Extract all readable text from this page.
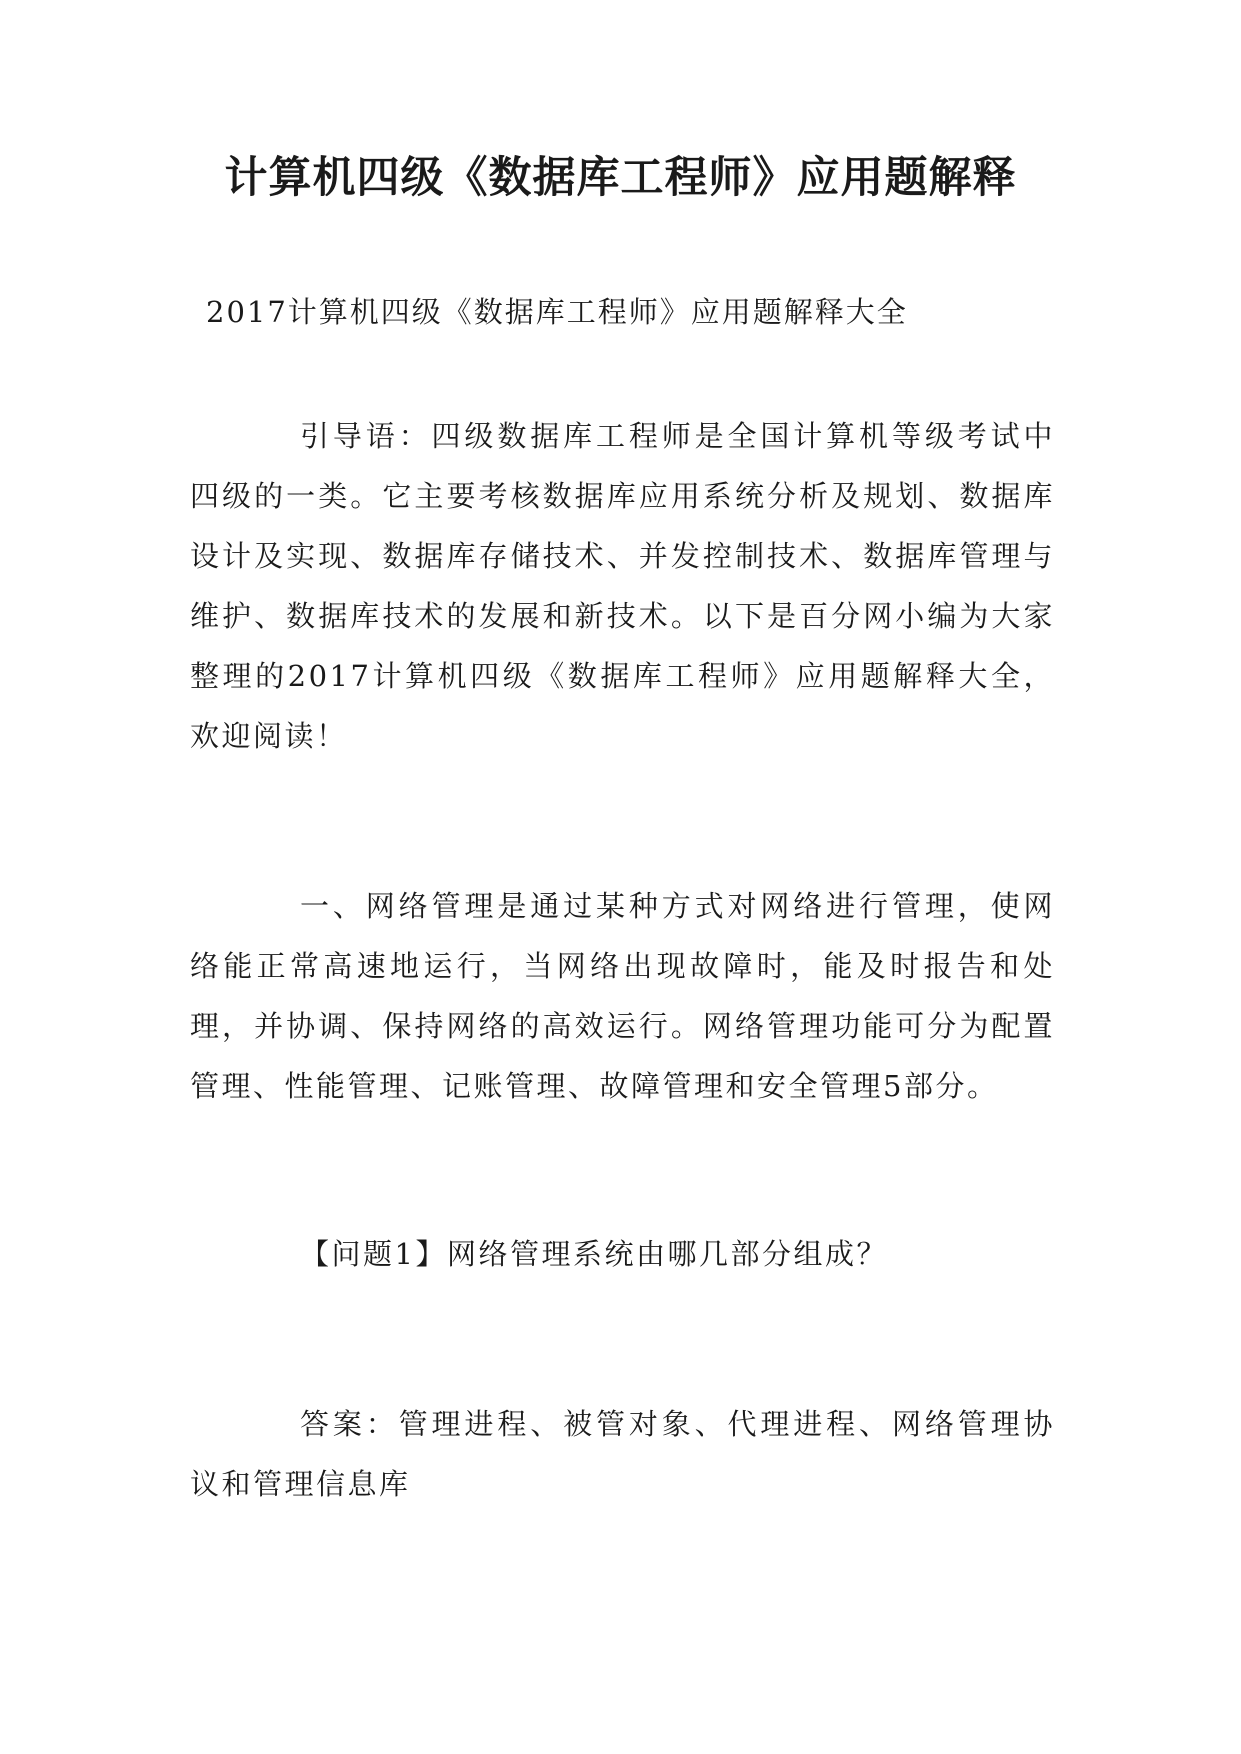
计算机四级《数据库工程师》应用题解释
2017计算机四级《数据库工程师》应用题解释大全
引导语：四级数据库工程师是全国计算机等级考试中四级的一类。它主要考核数据库应用系统分析及规划、数据库设计及实现、数据库存储技术、并发控制技术、数据库管理与维护、数据库技术的发展和新技术。以下是百分网小编为大家整理的2017计算机四级《数据库工程师》应用题解释大全，欢迎阅读！
一、网络管理是通过某种方式对网络进行管理，使网络能正常高速地运行，当网络出现故障时，能及时报告和处理，并协调、保持网络的高效运行。网络管理功能可分为配置管理、性能管理、记账管理、故障管理和安全管理5部分。
【问题1】网络管理系统由哪几部分组成？
答案：管理进程、被管对象、代理进程、网络管理协议和管理信息库
